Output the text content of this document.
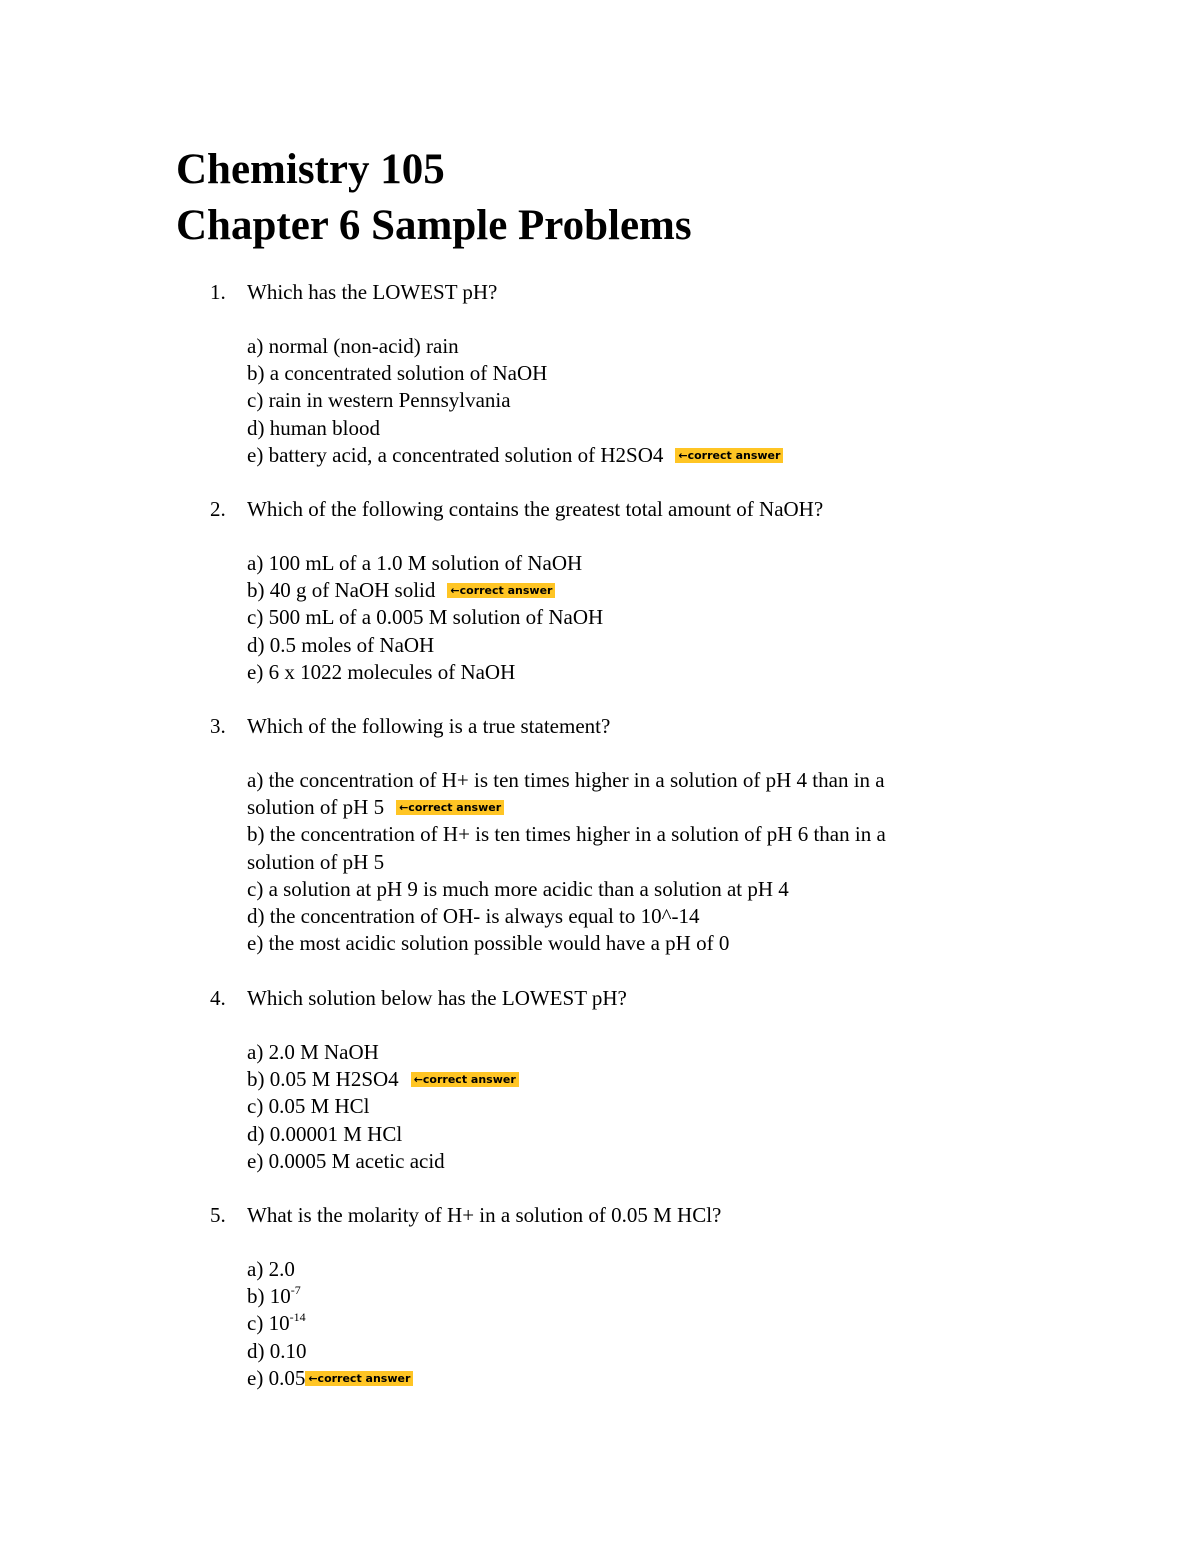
Chemistry 105
Chapter 6 Sample Problems
1. Which has the LOWEST pH?
a) normal (non-acid) rain
b) a concentrated solution of NaOH
c) rain in western Pennsylvania
d) human blood
e) battery acid, a concentrated solution of H2SO4 ←correct answer
2. Which of the following contains the greatest total amount of NaOH?
a) 100 mL of a 1.0 M solution of NaOH
b) 40 g of NaOH solid ←correct answer
c) 500 mL of a 0.005 M solution of NaOH
d) 0.5 moles of NaOH
e) 6 x 1022 molecules of NaOH
3. Which of the following is a true statement?
a) the concentration of H+ is ten times higher in a solution of pH 4 than in a
solution of pH 5 ←correct answer
b) the concentration of H+ is ten times higher in a solution of pH 6 than in a
solution of pH 5
c) a solution at pH 9 is much more acidic than a solution at pH 4
d) the concentration of OH- is always equal to 10^-14
e) the most acidic solution possible would have a pH of 0
4. Which solution below has the LOWEST pH?
a) 2.0 M NaOH
b) 0.05 M H2SO4 ←correct answer
c) 0.05 M HCl
d) 0.00001 M HCl
e) 0.0005 M acetic acid
5. What is the molarity of H+ in a solution of 0.05 M HCl?
a) 2.0
b) $10^{-7}$
c) $10^{-14}$
d) 0.10
e) 0.05 ←correct answer
